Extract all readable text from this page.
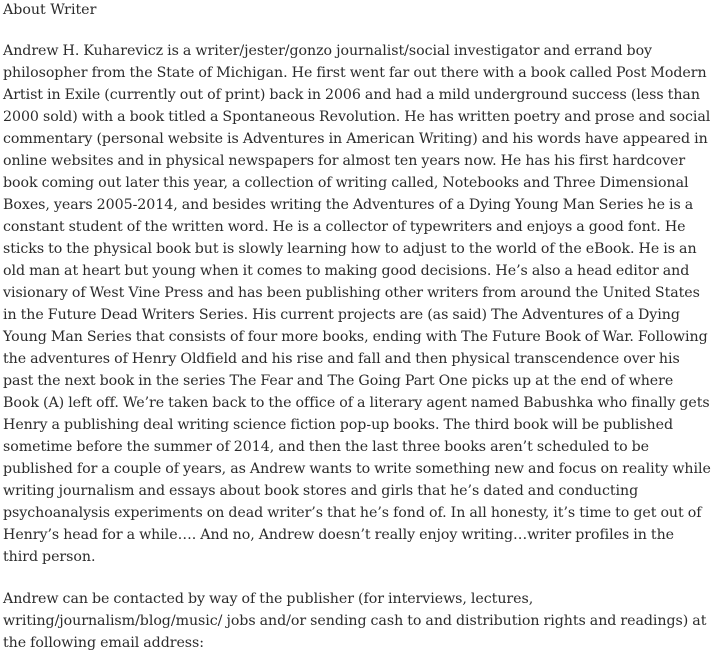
About Writer

Andrew H. Kuharevicz is a writer/jester/gonzo journalist/social investigator and errand boy philosopher from the State of Michigan. He first went far out there with a book called Post Modern Artist in Exile (currently out of print) back in 2006 and had a mild underground success (less than 2000 sold) with a book titled a Spontaneous Revolution. He has written poetry and prose and social commentary (personal website is Adventures in American Writing) and his words have appeared in online websites and in physical newspapers for almost ten years now. He has his first hardcover book coming out later this year, a collection of writing called, Notebooks and Three Dimensional Boxes, years 2005-2014, and besides writing the Adventures of a Dying Young Man Series he is a constant student of the written word. He is a collector of typewriters and enjoys a good font. He sticks to the physical book but is slowly learning how to adjust to the world of the eBook. He is an old man at heart but young when it comes to making good decisions. He’s also a head editor and visionary of West Vine Press and has been publishing other writers from around the United States in the Future Dead Writers Series. His current projects are (as said) The Adventures of a Dying Young Man Series that consists of four more books, ending with The Future Book of War. Following the adventures of Henry Oldfield and his rise and fall and then physical transcendence over his past the next book in the series The Fear and The Going Part One picks up at the end of where Book (A) left off. We’re taken back to the office of a literary agent named Babushka who finally gets Henry a publishing deal writing science fiction pop-up books. The third book will be published sometime before the summer of 2014, and then the last three books aren’t scheduled to be published for a couple of years, as Andrew wants to write something new and focus on reality while writing journalism and essays about book stores and girls that he’s dated and conducting psychoanalysis experiments on dead writer’s that he’s fond of. In all honesty, it’s time to get out of Henry’s head for a while…. And no, Andrew doesn’t really enjoy writing…writer profiles in the third person.

Andrew can be contacted by way of the publisher (for interviews, lectures, writing/journalism/blog/music/ jobs and/or sending cash to and distribution rights and readings) at the following email address:
